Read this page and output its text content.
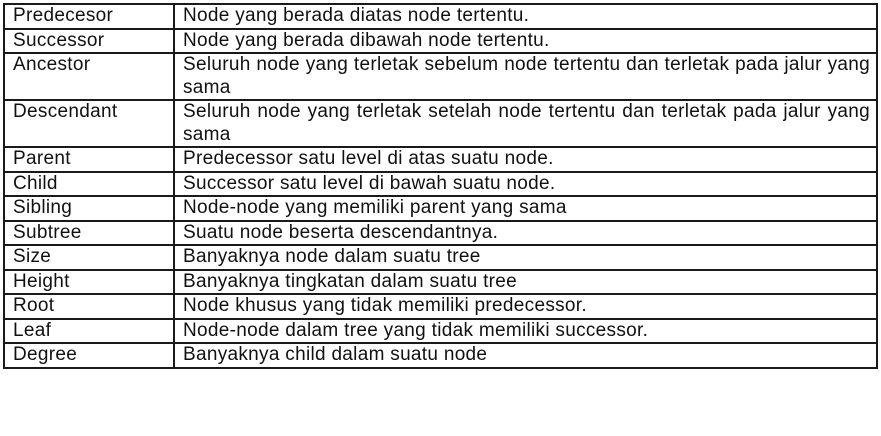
Predecesor	Node yang berada diatas node tertentu.
Successor	Node yang berada dibawah node tertentu.
Ancestor	Seluruh node yang terletak sebelum node tertentu dan terletak pada jalur yang sama
Descendant	Seluruh node yang terletak setelah node tertentu dan terletak pada jalur yang sama
Parent	Predecessor satu level di atas suatu node.
Child	Successor satu level di bawah suatu node.
Sibling	Node-node yang memiliki parent yang sama
Subtree	Suatu node beserta descendantnya.
Size	Banyaknya node dalam suatu tree
Height	Banyaknya tingkatan dalam suatu tree
Root	Node khusus yang tidak memiliki predecessor.
Leaf	Node-node dalam tree yang tidak memiliki successor.
Degree	Banyaknya child dalam suatu node
